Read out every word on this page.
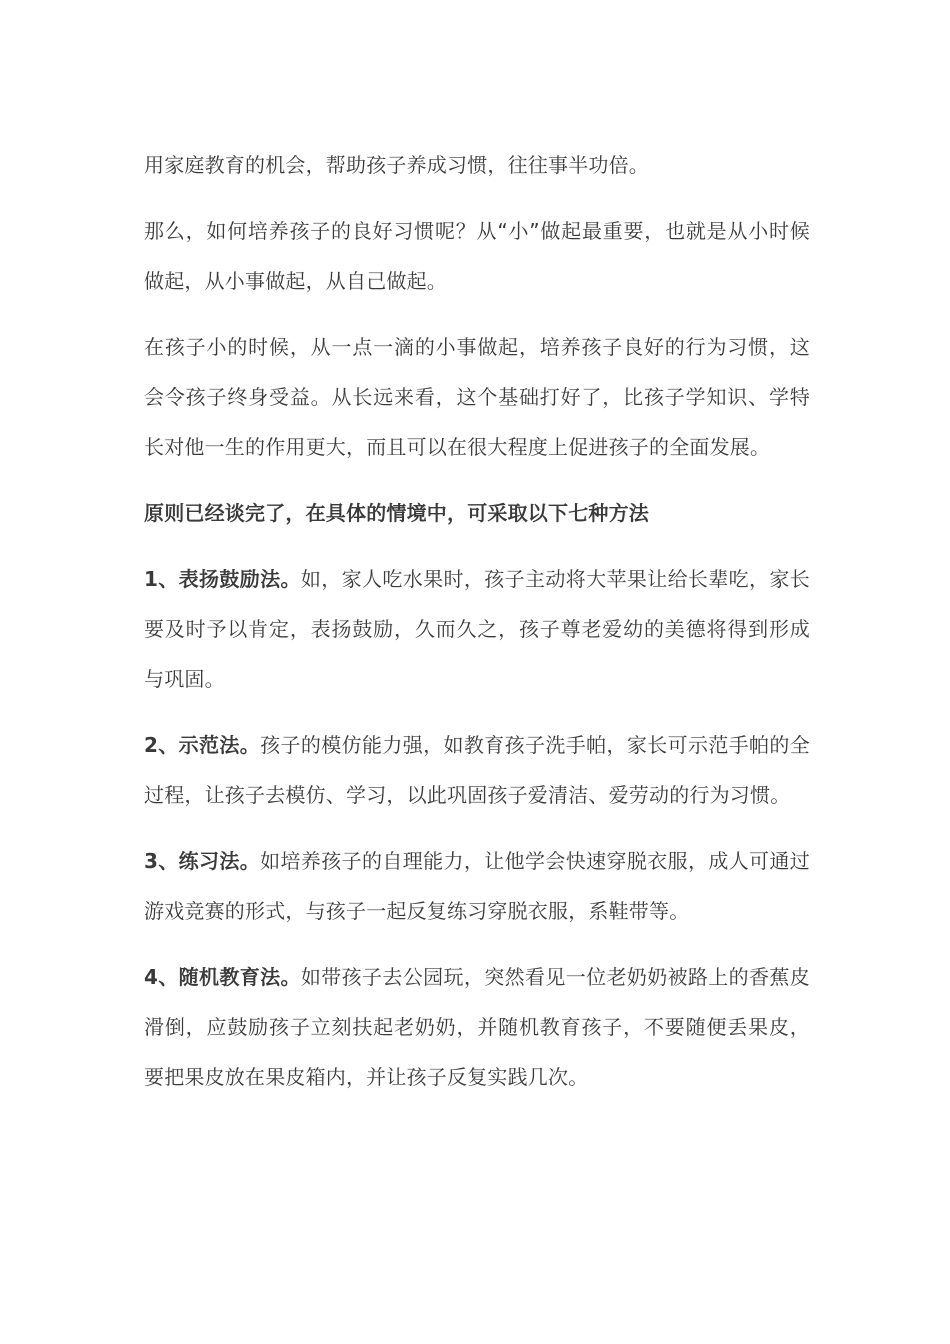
用家庭教育的机会，帮助孩子养成习惯，往往事半功倍。

那么，如何培养孩子的良好习惯呢？从“小”做起最重要，也就是从小时候做起，从小事做起，从自己做起。

在孩子小的时候，从一点一滴的小事做起，培养孩子良好的行为习惯，这会令孩子终身受益。从长远来看，这个基础打好了，比孩子学知识、学特长对他一生的作用更大，而且可以在很大程度上促进孩子的全面发展。

原则已经谈完了，在具体的情境中，可采取以下七种方法

1、表扬鼓励法。如，家人吃水果时，孩子主动将大苹果让给长辈吃，家长要及时予以肯定，表扬鼓励，久而久之，孩子尊老爱幼的美德将得到形成与巩固。

2、示范法。孩子的模仿能力强，如教育孩子洗手帕，家长可示范手帕的全过程，让孩子去模仿、学习，以此巩固孩子爱清洁、爱劳动的行为习惯。

3、练习法。如培养孩子的自理能力，让他学会快速穿脱衣服，成人可通过游戏竞赛的形式，与孩子一起反复练习穿脱衣服，系鞋带等。

4、随机教育法。如带孩子去公园玩，突然看见一位老奶奶被路上的香蕉皮滑倒，应鼓励孩子立刻扶起老奶奶，并随机教育孩子，不要随便丢果皮，要把果皮放在果皮箱内，并让孩子反复实践几次。
